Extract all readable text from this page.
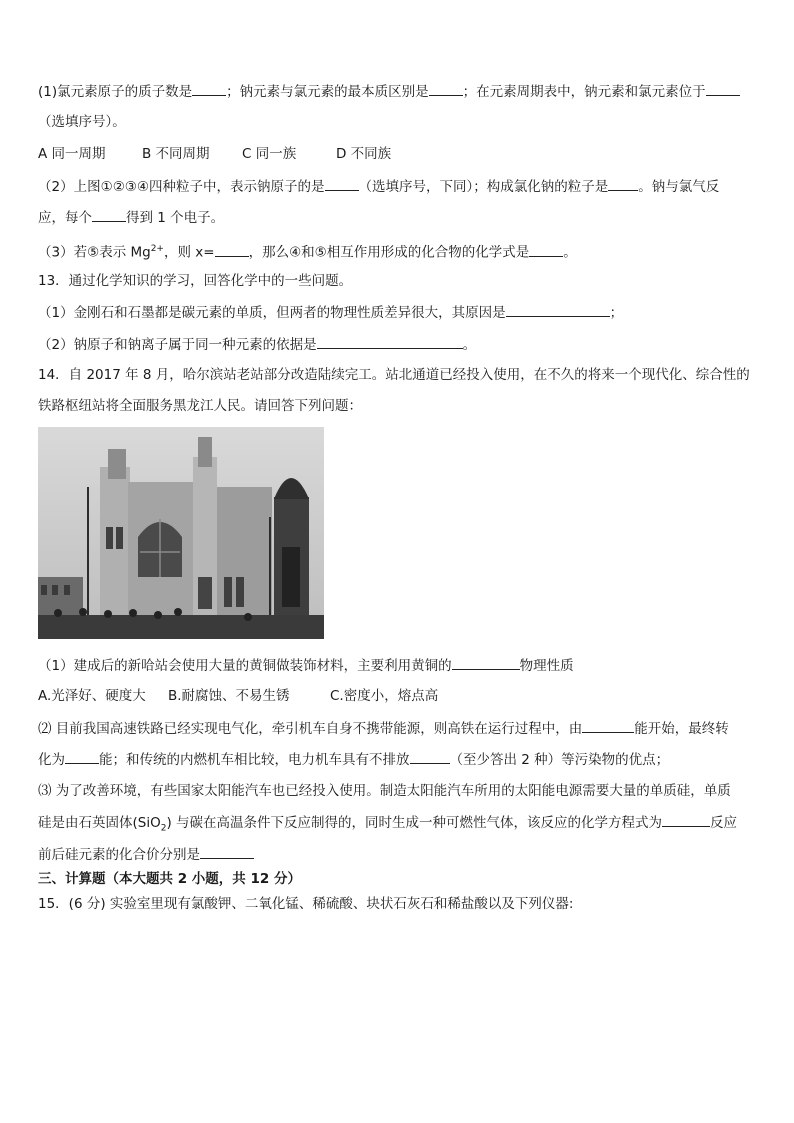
(1)氯元素原子的质子数是	；钠元素与氯元素的最本质区别是	；在元素周期表中，钠元素和氯元素位于
（选填序号）。
A 同一周期	B 不同周期 C 同一族	D 不同族
（2）上图①②③④四种粒子中，表示钠原子的是	（选填序号，下同）；构成氯化钠的粒子是 。钠与氯气反
应，每个	得到 1 个电子。
（3）若⑤表示 $Mg^{2+}$，则 x=	，那么④和⑤相互作用形成的化合物的化学式是	。
13．通过化学知识的学习，回答化学中的一些问题。
（1）金刚石和石墨都是碳元素的单质，但两者的物理性质差异很大，其原因是	；
（2）钠原子和钠离子属于同一种元素的依据是	。
14．自 2017 年 8 月，哈尔滨站老站部分改造陆续完工。站北通道已经投入使用，在不久的将来一个现代化、综合性的
铁路枢纽站将全面服务黑龙江人民。请回答下列问题：
（1）建成后的新哈站会使用大量的黄铜做装饰材料，主要利用黄铜的	物理性质
A.光泽好、硬度大 B.耐腐蚀、不易生锈	C.密度小，熔点高
⑵ 目前我国高速铁路已经实现电气化，牵引机车自身不携带能源，则高铁在运行过程中，由	能开始，最终转
化为	能；和传统的内燃机车相比较，电力机车具有不排放	（至少答出 2 种）等污染物的优点；
⑶ 为了改善环境，有些国家太阳能汽车也已经投入使用。制造太阳能汽车所用的太阳能电源需要大量的单质硅，单质
硅是由石英固体(SiO$_2$) 与碳在高温条件下反应制得的，同时生成一种可燃性气体，该反应的化学方程式为	反应
前后硅元素的化合价分别是
三、计算题（本大题共 2 小题，共 12 分）
15．(6 分) 实验室里现有氯酸钾、二氧化锰、稀硫酸、块状石灰石和稀盐酸以及下列仪器:
